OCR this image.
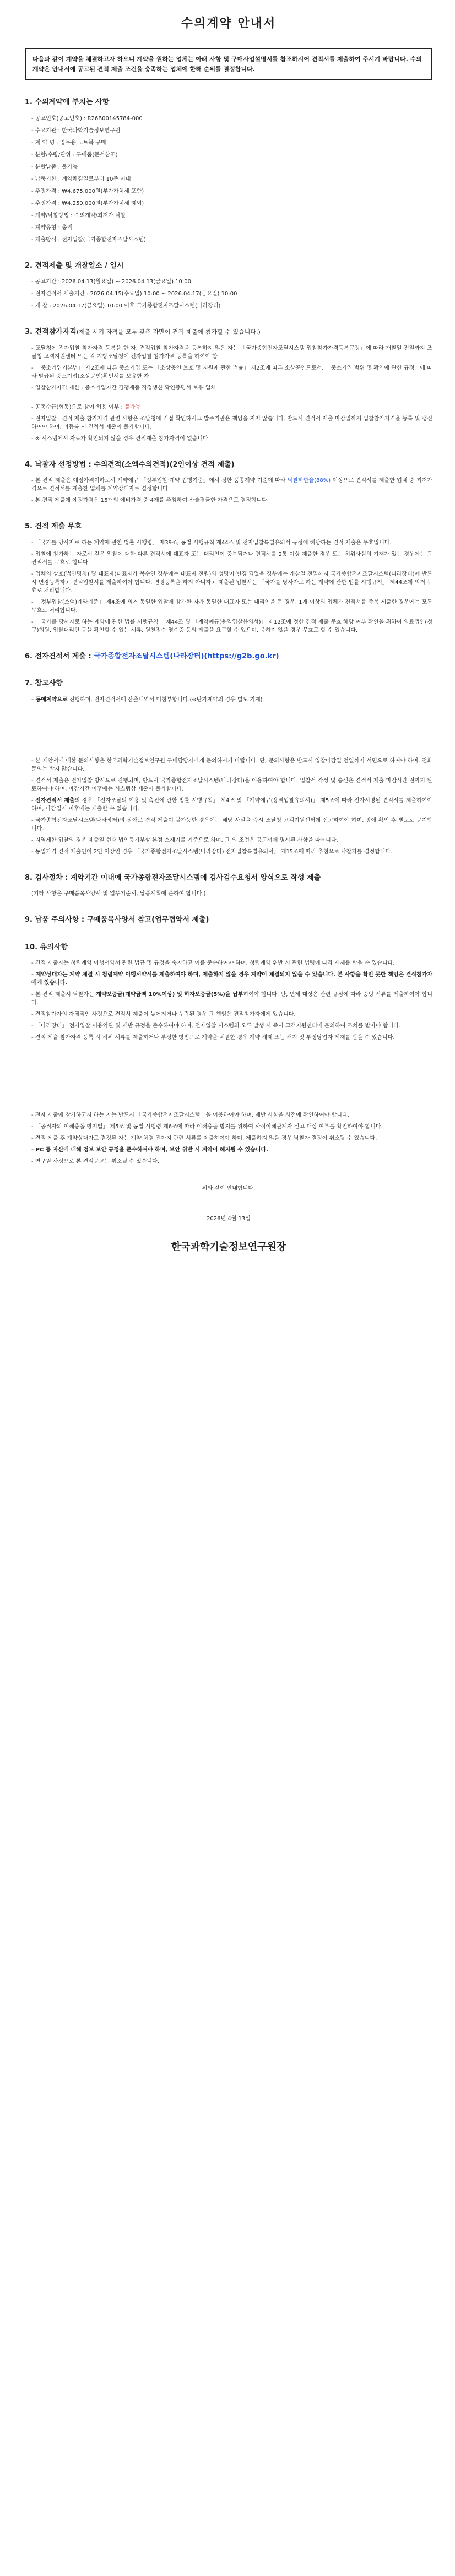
수의계약 안내서
다음과 같이 계약을 체결하고자 하오니 계약을 원하는 업체는 아래 사항 및 구매사업설명서를 참조하시어 견적서를 제출하여 주시기 바랍니다. 수의계약은 안내서에 공고된 견적 제출 조건을 충족하는 업체에 한해 순위를 결정합니다.
1. 수의계약에 부치는 사항
- 공고번호(공고번호) : R26B00145784-000
- 수요기관 : 한국과학기술정보연구원
- 계 약 명 : 업무용 노트북 구매
- 분할/수량/단위 : 구매품(문서참조)
- 분할납품 : 불가능
- 납품기한 : 계약체결일로부터 10주 이내
- 추정가격 : ₩4,675,000원(부가가치세 포함)
- 추정가격 : ₩4,250,000원(부가가치세 제외)
- 계약/낙찰방법 : 수의계약/최저가 낙찰
- 계약유형 : 총액
- 제출방식 : 전자입찰(국가종합전자조달시스템)
2. 견적제출 및 개찰일소 / 일시
- 공고기간 : 2026.04.13(월요일) ~ 2026.04.13(금요일) 10:00
- 전자견적서 제출기간 : 2026.04.15(수요일) 10:00 ~ 2026.04.17(금요일) 10:00
- 개 찰 : 2026.04.17(금요일) 10:00 이후 국가종합전자조달시스템(나라장터)
3. 견적참가자격(제출 시기 자격을 모두 갖춘 자만이 견적 제출에 참가할 수 있습니다.)

- 조달청에 전자입찰 참가자격 등록을 한 자. 견적입찰 참가자격을 등록하지 않은 자는 「국가종합전자조달시스템 입찰참가자격등록규정」에 따라 개찰일 전일까지 조달청 고객지원센터 또는 각 지방조달청에 전자입찰 참가자격 등록을 하여야 함

- 「중소기업기본법」 제2조에 따른 중소기업 또는 「소상공인 보호 및 지원에 관한 법률」 제2조에 따른 소상공인으로서, 「중소기업 범위 및 확인에 관한 규정」에 따라 발급된 중소기업(소상공인)확인서를 보유한 자

- 입찰참가자격 제한 : 중소기업자간 경쟁제품 직접생산 확인증명서 보유 업체

- 공동수급(협동)으로 참여 허용 여부 : 불가능

- 전자입찰 : 견적 제출 참가자격 관련 사항은 조달청에 직접 확인하시고 발주기관은 책임을 지지 않습니다. 반드시 견적서 제출 마감일까지 입찰참가자격을 등록 및 갱신하여야 하며, 미등록 시 견적서 제출이 불가합니다.

- ※ 시스템에서 자료가 확인되지 않을 경우 견적제출 참가자격이 없습니다.

4. 낙찰자 선정방법 : 수의견적(소액수의견적)(2인이상 견적 제출)

- 본 견적 제출은 예정가격이하로서 계약예규 「정부입찰·계약 집행기준」에서 정한 품종계약 기준에 따라 낙찰하한율(88%) 이상으로 견적서를 제출한 업체 중 최저가격으로 견적서를 제출한 업체를 계약상대자로 결정합니다.

- 본 견적 제출에 예정가격은 15개의 예비가격 중 4개를 추첨하여 산술평균한 가격으로 결정합니다.

5. 견적 제출 무효

- 「국가를 당사자로 하는 계약에 관한 법률 시행령」 제39조, 동법 시행규칙 제44조 및 전자입찰특별유의서 규정에 해당하는 견적 제출은 무효입니다.

- 입찰에 참가하는 자로서 같은 입찰에 대한 다른 견적서에 대표자 또는 대리인이 중복되거나 견적서를 2통 이상 제출한 경우 또는 허위사실의 기재가 있는 경우에는 그 견적서를 무효로 합니다.

- 업체의 상호(법인명칭) 및 대표자(대표자가 복수인 경우에는 대표자 전원)의 성명이 변경 되었을 경우에는 개찰일 전일까지 국가종합전자조달시스템(나라장터)에 반드시 변경등록하고 견적입찰서를 제출하여야 합니다. 변경등록을 하지 아니하고 제출된 입찰서는 「국가를 당사자로 하는 계약에 관한 법률 시행규칙」 제44조에 의거 무효로 처리합니다.

- 「정부입찰(소액)계약기준」 제4조에 의거 동일한 입찰에 참가한 자가 동일한 대표자 또는 대리인을 둔 경우, 1개 이상의 업체가 견적서를 중복 제출한 경우에는 모두 무효로 처리합니다.

- 「국가를 당사자로 하는 계약에 관한 법률 시행규칙」 제44조 및 「계약예규(용역입찰유의서)」 제12조에 정한 견적 제출 무효 해당 여부 확인을 위하여 의료법인(청구)회원, 입찰대리인 등을 확인할 수 있는 서류, 원천징수 영수증 등의 제출을 요구할 수 있으며, 응하지 않을 경우 무효로 할 수 있습니다.

6. 전자견적서 제출 : 국가종합전자조달시스템(나라장터)(https://g2b.go.kr)
7. 참고사항

- 동에계약으로 진행하며, 전자견적서에 산출내역서 미첨부합니다.(※단가계약의 경우 별도 기재)

- 본 제안서에 대한 문의사항은 한국과학기술정보연구원 구매담당자에게 문의하시기 바랍니다. 단, 문의사항은 반드시 입찰마감일 전일까지 서면으로 하여야 하며, 전화 문의는 받지 않습니다.

- 견적서 제출은 전자입찰 방식으로 진행되며, 반드시 국가종합전자조달시스템(나라장터)을 이용하여야 합니다. 입찰서 작성 및 송신은 견적서 제출 마감시간 전까지 완료하여야 하며, 마감시간 이후에는 시스템상 제출이 불가합니다.

- 전자견적서 제출의 경우 「전자조달의 이용 및 촉진에 관한 법률 시행규칙」 제4조 및 「계약예규(용역입찰유의서)」 제5조에 따라 전자서명된 견적서를 제출하여야 하며, 마감일시 이후에는 제출할 수 없습니다.

- 국가종합전자조달시스템(나라장터)의 장애로 견적 제출이 불가능한 경우에는 해당 사실을 즉시 조달청 고객지원센터에 신고하여야 하며, 장애 확인 후 별도로 공지합니다.

- 지역제한 입찰의 경우 제출일 현재 법인등기부상 본점 소재지를 기준으로 하며, 그 외 조건은 공고서에 명시된 사항을 따릅니다.

- 동일가격 견적 제출인이 2인 이상인 경우 「국가종합전자조달시스템(나라장터) 전자입찰특별유의서」 제15조에 따라 추첨으로 낙찰자를 결정합니다.

8. 검사절차 : 계약기간 이내에 국가종합전자조달시스템에 검사검수요청서 양식으로 작성 제출
(기타 사항은 구매품목사양서 및 업무기준서, 납품계획에 준하여 합니다.)
9. 납품 주의사항 : 구매품목사양서 참고(업무협약서 제출)
10. 유의사항

- 견적 제출자는 청렴계약 이행서약서 관련 법규 및 규정을 숙지하고 이를 준수하여야 하며, 청렴계약 위반 시 관련 법령에 따라 제재를 받을 수 있습니다.

- 계약상대자는 계약 체결 시 청렴계약 이행서약서를 제출하여야 하며, 제출하지 않을 경우 계약이 체결되지 않을 수 있습니다. 본 사항을 확인 못한 책임은 견적참가자에게 있습니다.

- 본 견적 제출시 낙찰자는 계약보증금(계약금액 10%이상) 및 하자보증금(5%)을 납부하여야 합니다. 단, 면제 대상은 관련 규정에 따라 증빙 서류를 제출하여야 합니다.

- 견적참가자의 자체적인 사정으로 견적서 제출이 늦어지거나 누락된 경우 그 책임은 견적참가자에게 있습니다.

- 「나라장터」 전자입찰 이용약관 및 제반 규정을 준수하여야 하며, 전자입찰 시스템의 오류 발생 시 즉시 고객지원센터에 문의하여 조치를 받아야 합니다.

- 견적 제출 참가자격 등록 시 허위 서류를 제출하거나 부정한 방법으로 계약을 체결한 경우 계약 해제 또는 해지 및 부정당업자 제재를 받을 수 있습니다.

- 전자 제출에 참가하고자 하는 자는 반드시 「국가종합전자조달시스템」을 이용하여야 하며, 제반 사항을 사전에 확인하여야 합니다.

- 「공직자의 이해충돌 방지법」 제5조 및 동법 시행령 제6조에 따라 이해충돌 방지를 위하여 사적이해관계자 신고 대상 여부를 확인하여야 합니다.

- 견적 제출 후 계약상대자로 결정된 자는 계약 체결 전까지 관련 서류를 제출하여야 하며, 제출하지 않을 경우 낙찰자 결정이 취소될 수 있습니다.

- PC 등 자산에 대해 정보 보안 규정을 준수하여야 하며, 보안 위반 시 계약이 해지될 수 있습니다.

- 연구원 사정으로 본 견적공고는 취소될 수 있습니다.

위와 같이 안내합니다.
2026년 4월 13일
한국과학기술정보연구원장
